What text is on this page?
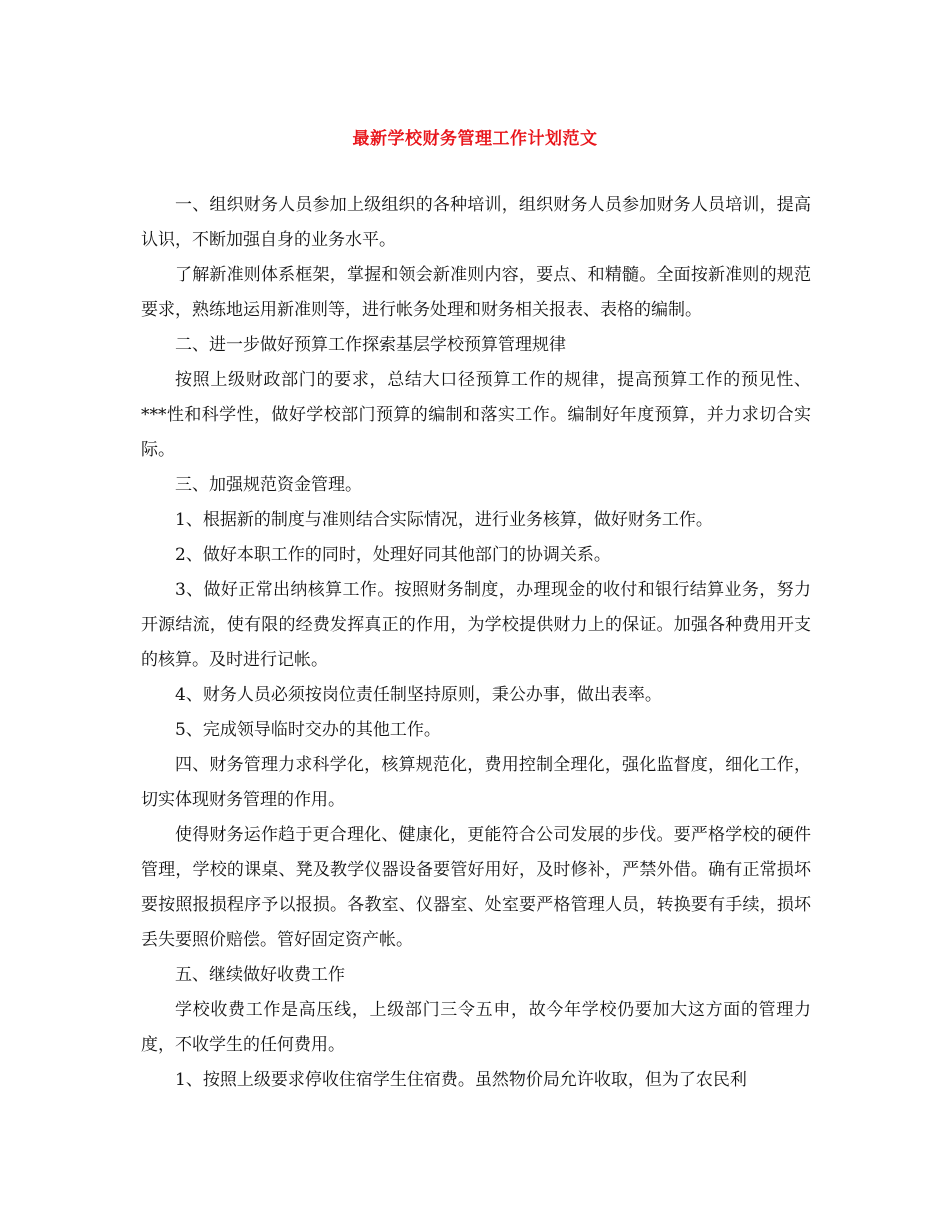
最新学校财务管理工作计划范文

一、组织财务人员参加上级组织的各种培训，组织财务人员参加财务人员培训，提高认识，不断加强自身的业务水平。

了解新准则体系框架，掌握和领会新准则内容，要点、和精髓。全面按新准则的规范要求，熟练地运用新准则等，进行帐务处理和财务相关报表、表格的编制。

二、进一步做好预算工作探索基层学校预算管理规律

按照上级财政部门的要求，总结大口径预算工作的规律，提高预算工作的预见性、***性和科学性，做好学校部门预算的编制和落实工作。编制好年度预算，并力求切合实际。

三、加强规范资金管理。

1、根据新的制度与准则结合实际情况，进行业务核算，做好财务工作。

2、做好本职工作的同时，处理好同其他部门的协调关系。

3、做好正常出纳核算工作。按照财务制度，办理现金的收付和银行结算业务，努力开源结流，使有限的经费发挥真正的作用，为学校提供财力上的保证。加强各种费用开支的核算。及时进行记帐。

4、财务人员必须按岗位责任制坚持原则，秉公办事，做出表率。

5、完成领导临时交办的其他工作。

四、财务管理力求科学化，核算规范化，费用控制全理化，强化监督度，细化工作，切实体现财务管理的作用。

使得财务运作趋于更合理化、健康化，更能符合公司发展的步伐。要严格学校的硬件管理，学校的课桌、凳及教学仪器设备要管好用好，及时修补，严禁外借。确有正常损坏要按照报损程序予以报损。各教室、仪器室、处室要严格管理人员，转换要有手续，损坏丢失要照价赔偿。管好固定资产帐。

五、继续做好收费工作

学校收费工作是高压线，上级部门三令五申，故今年学校仍要加大这方面的管理力度，不收学生的任何费用。

1、按照上级要求停收住宿学生住宿费。虽然物价局允许收取，但为了农民利
